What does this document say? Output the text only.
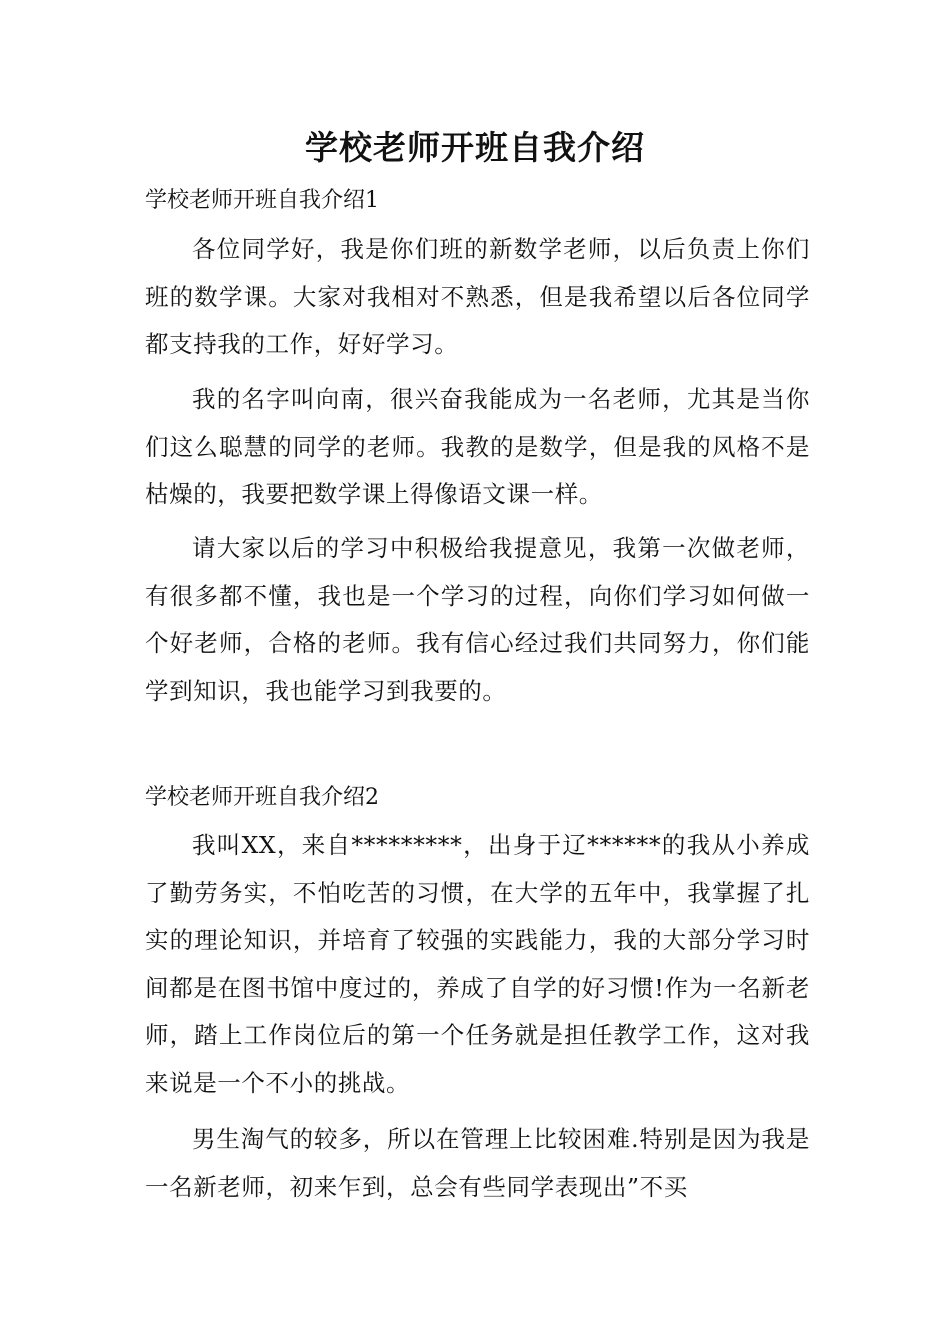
学校老师开班自我介绍
学校老师开班自我介绍1
各位同学好，我是你们班的新数学老师，以后负责上你们班的数学课。大家对我相对不熟悉，但是我希望以后各位同学都支持我的工作，好好学习。
我的名字叫向南，很兴奋我能成为一名老师，尤其是当你们这么聪慧的同学的老师。我教的是数学，但是我的风格不是枯燥的，我要把数学课上得像语文课一样。
请大家以后的学习中积极给我提意见，我第一次做老师，有很多都不懂，我也是一个学习的过程，向你们学习如何做一个好老师，合格的老师。我有信心经过我们共同努力，你们能学到知识，我也能学习到我要的。
学校老师开班自我介绍2
我叫XX，来自*********，出身于辽******的我从小养成了勤劳务实，不怕吃苦的习惯，在大学的五年中，我掌握了扎实的理论知识，并培育了较强的实践能力，我的大部分学习时间都是在图书馆中度过的，养成了自学的好习惯!作为一名新老师，踏上工作岗位后的第一个任务就是担任教学工作，这对我来说是一个不小的挑战。
男生淘气的较多，所以在管理上比较困难.特别是因为我是一名新老师，初来乍到，总会有些同学表现出”不买
